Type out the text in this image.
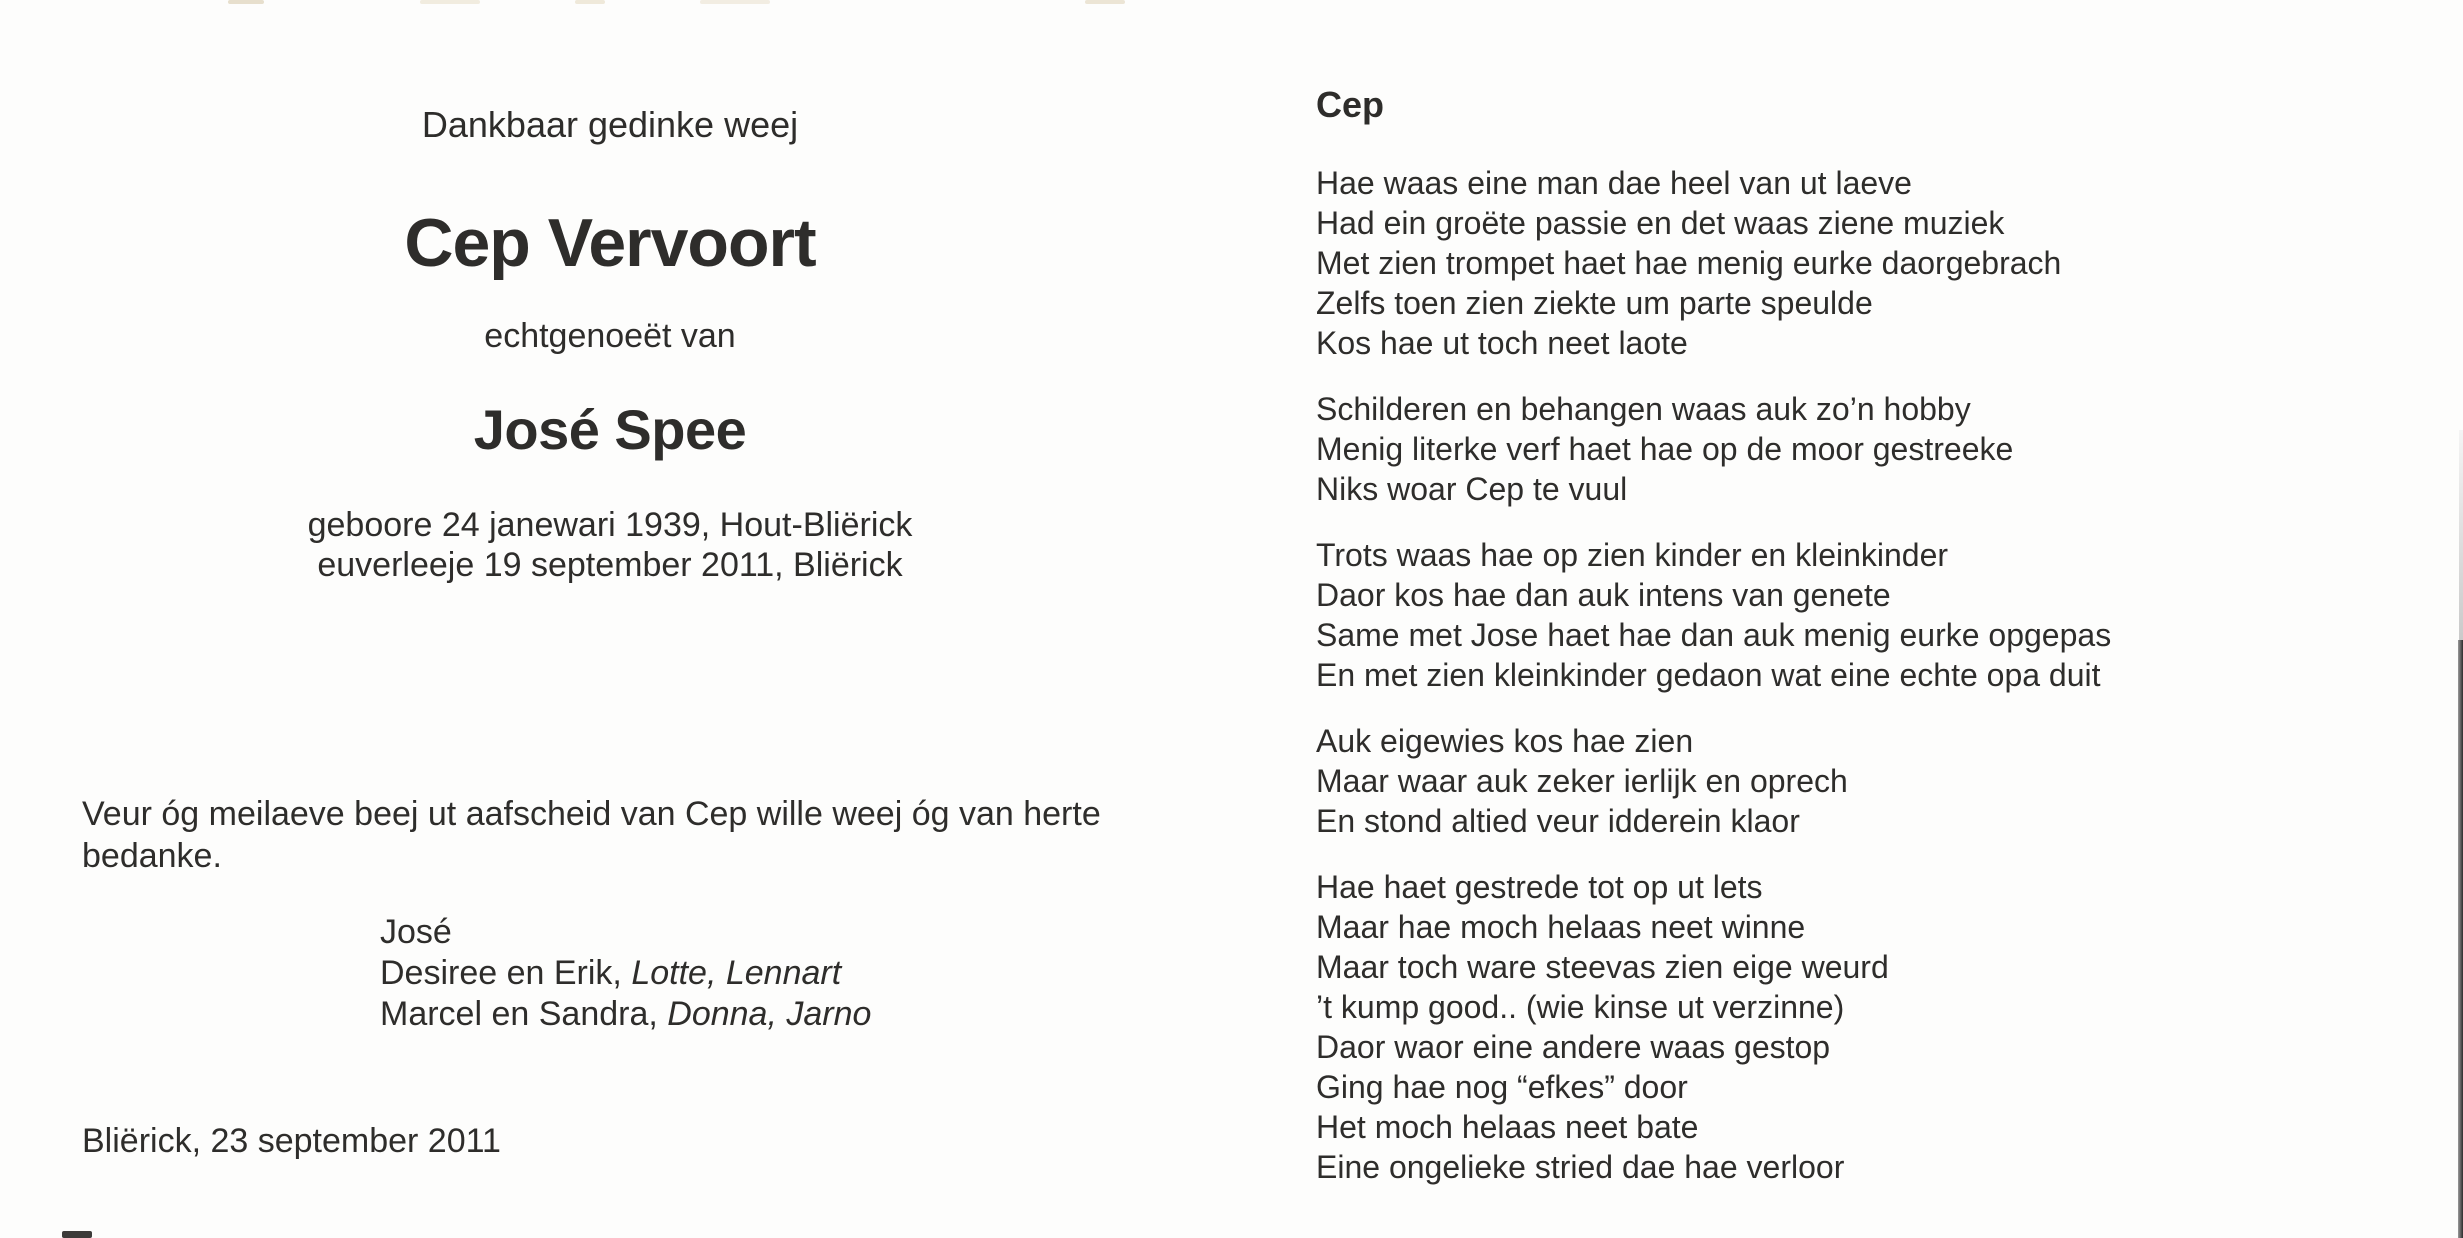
Dankbaar gedinke weej
Cep Vervoort
echtgenoeët van
José Spee
geboore 24 janewari 1939, Hout-Bliërick
euverleeje 19 september 2011, Bliërick
Veur óg meilaeve beej ut aafscheid van Cep wille weej óg van herte
bedanke.
José
Desiree en Erik, Lotte, Lennart
Marcel en Sandra, Donna, Jarno
Bliërick, 23 september 2011
Cep
Hae waas eine man dae heel van ut laeve
Had ein groëte passie en det waas ziene muziek
Met zien trompet haet hae menig eurke daorgebrach
Zelfs toen zien ziekte um parte speulde
Kos hae ut toch neet laote
Schilderen en behangen waas auk zo’n hobby
Menig literke verf haet hae op de moor gestreeke
Niks woar Cep te vuul
Trots waas hae op zien kinder en kleinkinder
Daor kos hae dan auk intens van genete
Same met Jose haet hae dan auk menig eurke opgepas
En met zien kleinkinder gedaon wat eine echte opa duit
Auk eigewies kos hae zien
Maar waar auk zeker ierlijk en oprech
En stond altied veur idderein klaor
Hae haet gestrede tot op ut lets
Maar hae moch helaas neet winne
Maar toch ware steevas zien eige weurd
’t kump good.. (wie kinse ut verzinne)
Daor waor eine andere waas gestop
Ging hae nog “efkes” door
Het moch helaas neet bate
Eine ongelieke stried dae hae verloor
